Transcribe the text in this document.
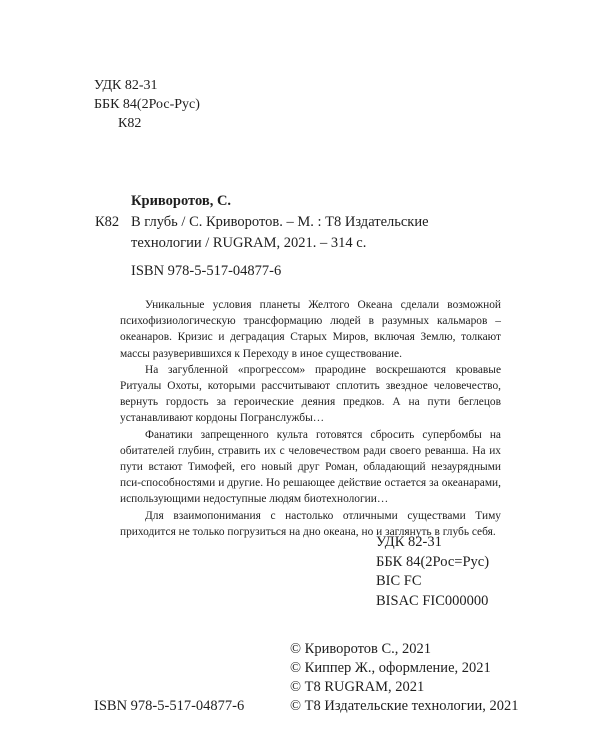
УДК 82-31
ББК 84(2Рос-Рус)
К82
Криворотов, С.
К82 В глубь / С. Криворотов. – М. : Т8 Издательские технологии / RUGRAM, 2021. – 314 с.
ISBN 978-5-517-04877-6

Уникальные условия планеты Желтого Океана сделали возможной психофизиологическую трансформацию людей в разумных кальмаров – океанаров. Кризис и деградация Старых Миров, включая Землю, толкают массы разуверившихся к Переходу в иное существование.

На загубленной «прогрессом» прародине воскрешаются кровавые Ритуалы Охоты, которыми рассчитывают сплотить звездное человечество, вернуть гордость за героические деяния предков. А на пути беглецов устанавливают кордоны Погранслужбы…

Фанатики запрещенного культа готовятся сбросить супербомбы на обитателей глубин, стравить их с человечеством ради своего реванша. На их пути встают Тимофей, его новый друг Роман, обладающий незаурядными пси-способностями и другие. Но решающее действие остается за океанарами, использующими недоступные людям биотехнологии…

Для взаимопонимания с настолько отличными существами Тиму приходится не только погрузиться на дно океана, но и заглянуть в глубь себя.

УДК 82-31
ББК 84(2Рос=Рус)
BIC FC
BISAC FIC000000
© Криворотов С., 2021
© Киппер Ж., оформление, 2021
© Т8 RUGRAM, 2021
© Т8 Издательские технологии, 2021
ISBN 978-5-517-04877-6
